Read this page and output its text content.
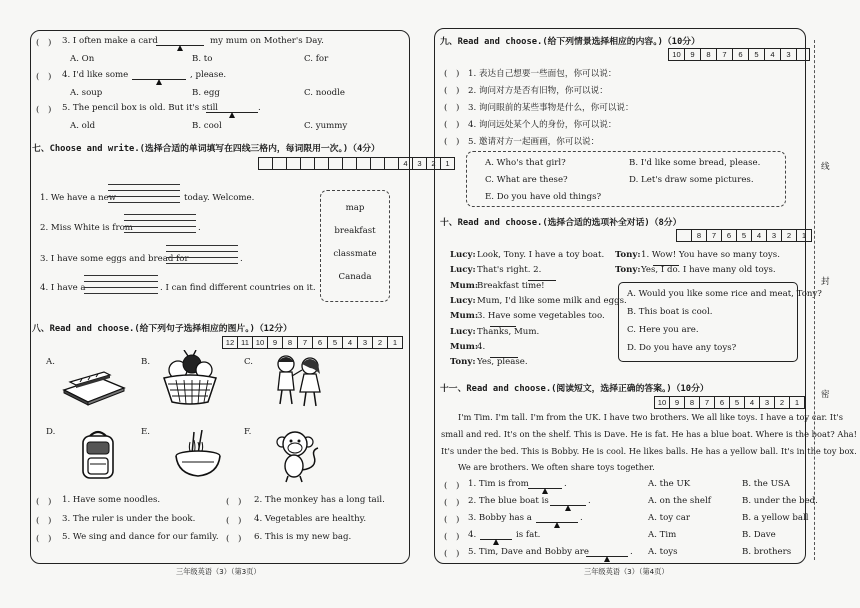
(　) 3. I often make a card	my mum on Mother's Day.
A. On	B. to	C. for
(　) 4. I'd like some	, please.
A. soup	B. egg	C. noodle
(　) 5. The pencil box is old. But it's still	.
A. old	B. cool	C. yummy
七、Choose and write.(选择合适的单词填写在四线三格内，每词限用一次。)（4分）
4	3	2	1
1. We have a new	today. Welcome.
2. Miss White is from	.
3. I have some eggs and bread for	.
4. I have a	. I can find different countries on it.
map
breakfast
classmate
Canada
八、Read and choose.(给下列句子选择相应的图片。)（12分）
12 11 10	9	8	7	6	5	4	3	2	1
A.	B.	C.
D.	E.	F.
(　) 1. Have some noodles.	(　) 2. The monkey has a long tail.
(　) 3. The ruler is under the book.	(　) 4. Vegetables are healthy.
(　) 5. We sing and dance for our family. (　) 6. This is my new bag.
三年级英语（3）（第3页）
九、Read and choose.(给下列情景选择相应的内容。)（10分）
10	9	8	7	6	5	4	3
(　) 1. 表达自己想要一些面包，你可以说：
(　) 2. 询问对方是否有旧物，你可以说：
(　) 3. 询问眼前的某些事物是什么，你可以说：
(　) 4. 询问远处某个人的身份，你可以说：
(　) 5. 邀请对方一起画画，你可以说：
A. Who's that girl?	B. I'd like some bread, please.
C. What are these?	D. Let's draw some pictures.
E. Do you have old things?
十、Read and choose.(选择合适的选项补全对话)（8分）
8	7	6	5	4	3	2	1
Lucy: Look, Tony. I have a toy boat.
Lucy: That's right. 2.
Mum:
Breakfast time!
Lucy: Mum, I'd like some milk and eggs.
Mum:
3. Have some vegetables too.
Lucy: Thanks, Mum.
Mum:
4.
Tony: Yes, please.
Tony: 1. Wow! You have so many toys.
Tony: Yes, I do. I have many old toys.
A. Would you like some rice and meat, Tony?
B. This boat is cool.
C. Here you are.
D. Do you have any toys?
十一、Read and choose.(阅读短文，选择正确的答案。)（10分）
10	9	8	7	6	5	4	3	2	1
I'm Tim. I'm tall. I'm from the UK. I have two brothers. We all like toys. I have a toy car. It's
small and red. It's on the shelf. This is Dave. He is fat. He has a blue boat. Where is the boat? Aha!
It's under the bed. This is Bobby. He is cool. He likes balls. He has a yellow ball. It's in the toy box.
We are brothers. We often share toys together.
(　) 1. Tim is from	.	A. the UK	B. the USA
(　) 2. The blue boat is	.	A. on the shelf	B. under the bed.
(　) 3. Bobby has a	.	A. toy car	B. a yellow ball
(　) 4.	is fat.	A. Tim	B. Dave
(　) 5. Tim, Dave and Bobby are	. A. toys	B. brothers
三年级英语（3）（第4页）
线
封
密
